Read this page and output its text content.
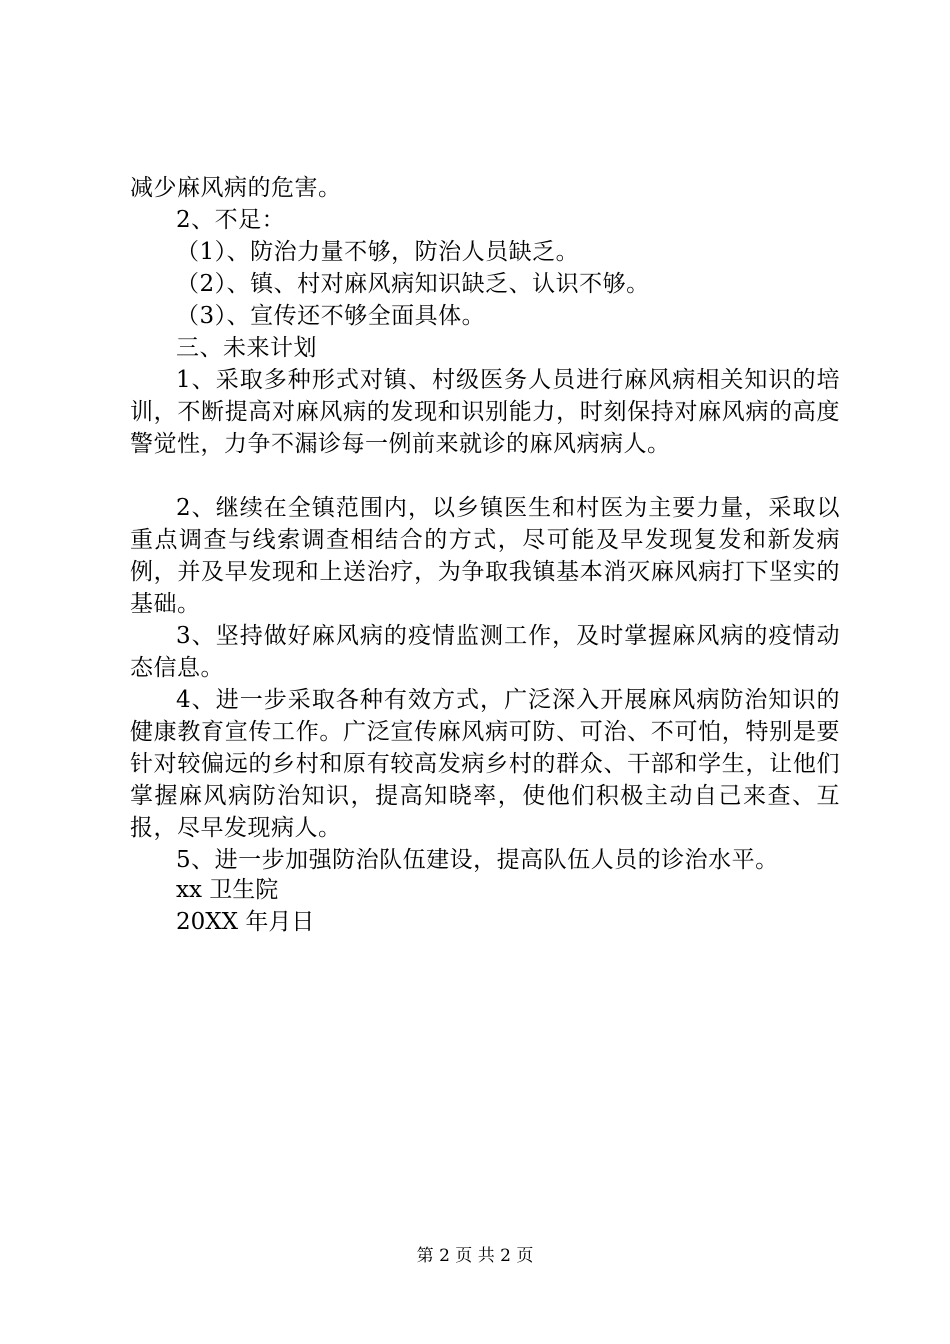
减少麻风病的危害。

2、不足：

（1）、防治力量不够，防治人员缺乏。

（2）、镇、村对麻风病知识缺乏、认识不够。

（3）、宣传还不够全面具体。

三、未来计划

1、采取多种形式对镇、村级医务人员进行麻风病相关知识的培训，不断提高对麻风病的发现和识别能力，时刻保持对麻风病的高度警觉性，力争不漏诊每一例前来就诊的麻风病病人。

2、继续在全镇范围内，以乡镇医生和村医为主要力量，采取以重点调查与线索调查相结合的方式，尽可能及早发现复发和新发病例，并及早发现和上送治疗，为争取我镇基本消灭麻风病打下坚实的基础。

3、坚持做好麻风病的疫情监测工作，及时掌握麻风病的疫情动态信息。

4、进一步采取各种有效方式，广泛深入开展麻风病防治知识的健康教育宣传工作。广泛宣传麻风病可防、可治、不可怕，特别是要针对较偏远的乡村和原有较高发病乡村的群众、干部和学生，让他们掌握麻风病防治知识，提高知晓率，使他们积极主动自己来查、互报，尽早发现病人。

5、进一步加强防治队伍建设，提高队伍人员的诊治水平。

xx 卫生院
20XX 年月日
第 2 页 共 2 页
